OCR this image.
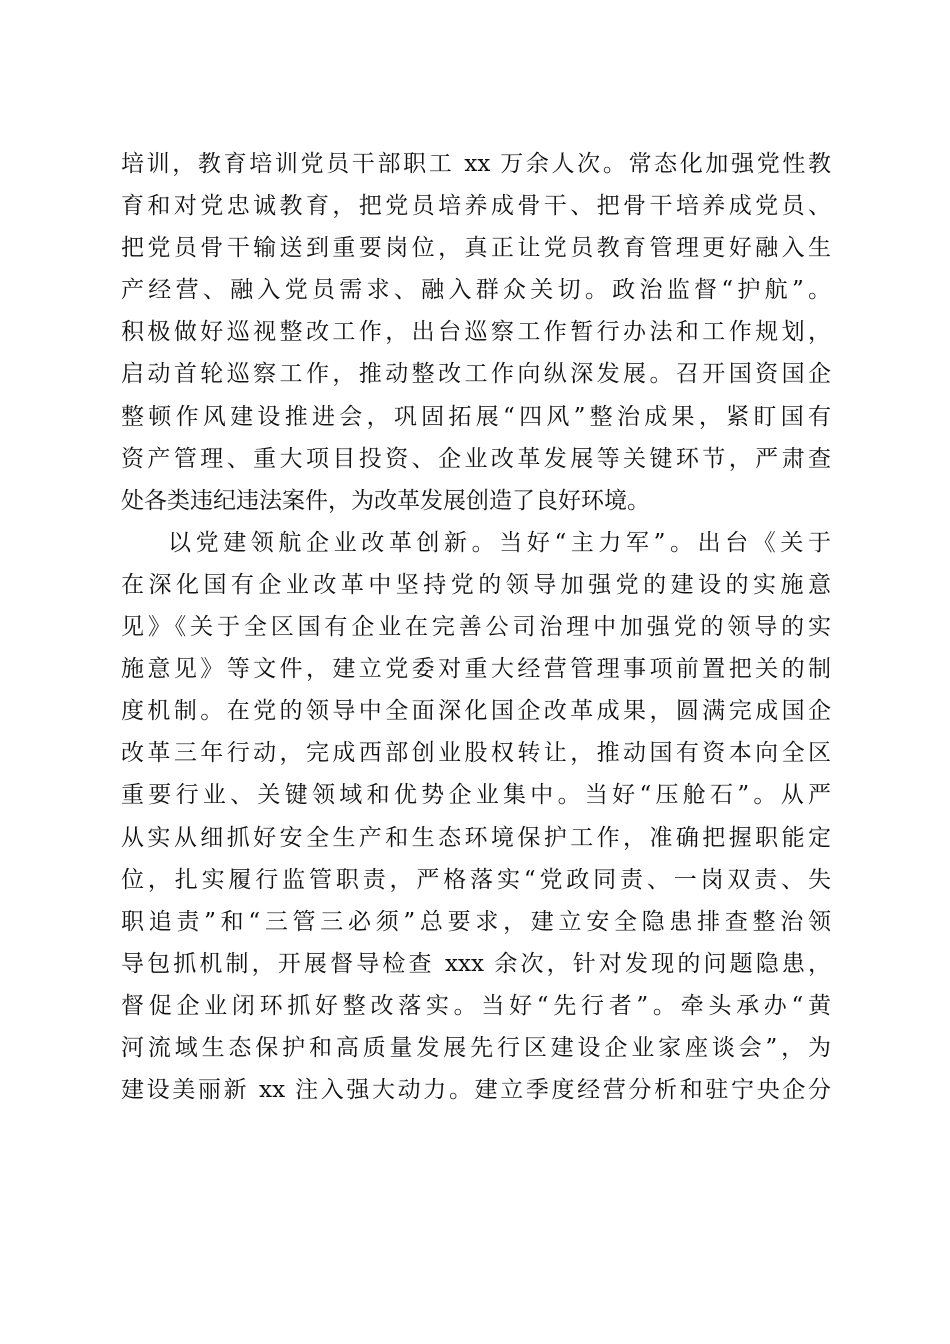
培训，教育培训党员干部职工 xx 万余人次。常态化加强党性教
育和对党忠诚教育，把党员培养成骨干、把骨干培养成党员、
把党员骨干输送到重要岗位，真正让党员教育管理更好融入生
产经营、融入党员需求、融入群众关切。政治监督“护航”。
积极做好巡视整改工作，出台巡察工作暂行办法和工作规划，
启动首轮巡察工作，推动整改工作向纵深发展。召开国资国企
整顿作风建设推进会，巩固拓展“四风”整治成果，紧盯国有
资产管理、重大项目投资、企业改革发展等关键环节，严肃查
处各类违纪违法案件，为改革发展创造了良好环境。
以党建领航企业改革创新。当好“主力军”。出台《关于
在深化国有企业改革中坚持党的领导加强党的建设的实施意
见》《关于全区国有企业在完善公司治理中加强党的领导的实
施意见》等文件，建立党委对重大经营管理事项前置把关的制
度机制。在党的领导中全面深化国企改革成果，圆满完成国企
改革三年行动，完成西部创业股权转让，推动国有资本向全区
重要行业、关键领域和优势企业集中。当好“压舱石”。从严
从实从细抓好安全生产和生态环境保护工作，准确把握职能定
位，扎实履行监管职责，严格落实“党政同责、一岗双责、失
职追责”和“三管三必须”总要求，建立安全隐患排查整治领
导包抓机制，开展督导检查 xxx 余次，针对发现的问题隐患，
督促企业闭环抓好整改落实。当好“先行者”。牵头承办“黄
河流域生态保护和高质量发展先行区建设企业家座谈会”，为
建设美丽新 xx 注入强大动力。建立季度经营分析和驻宁央企分
